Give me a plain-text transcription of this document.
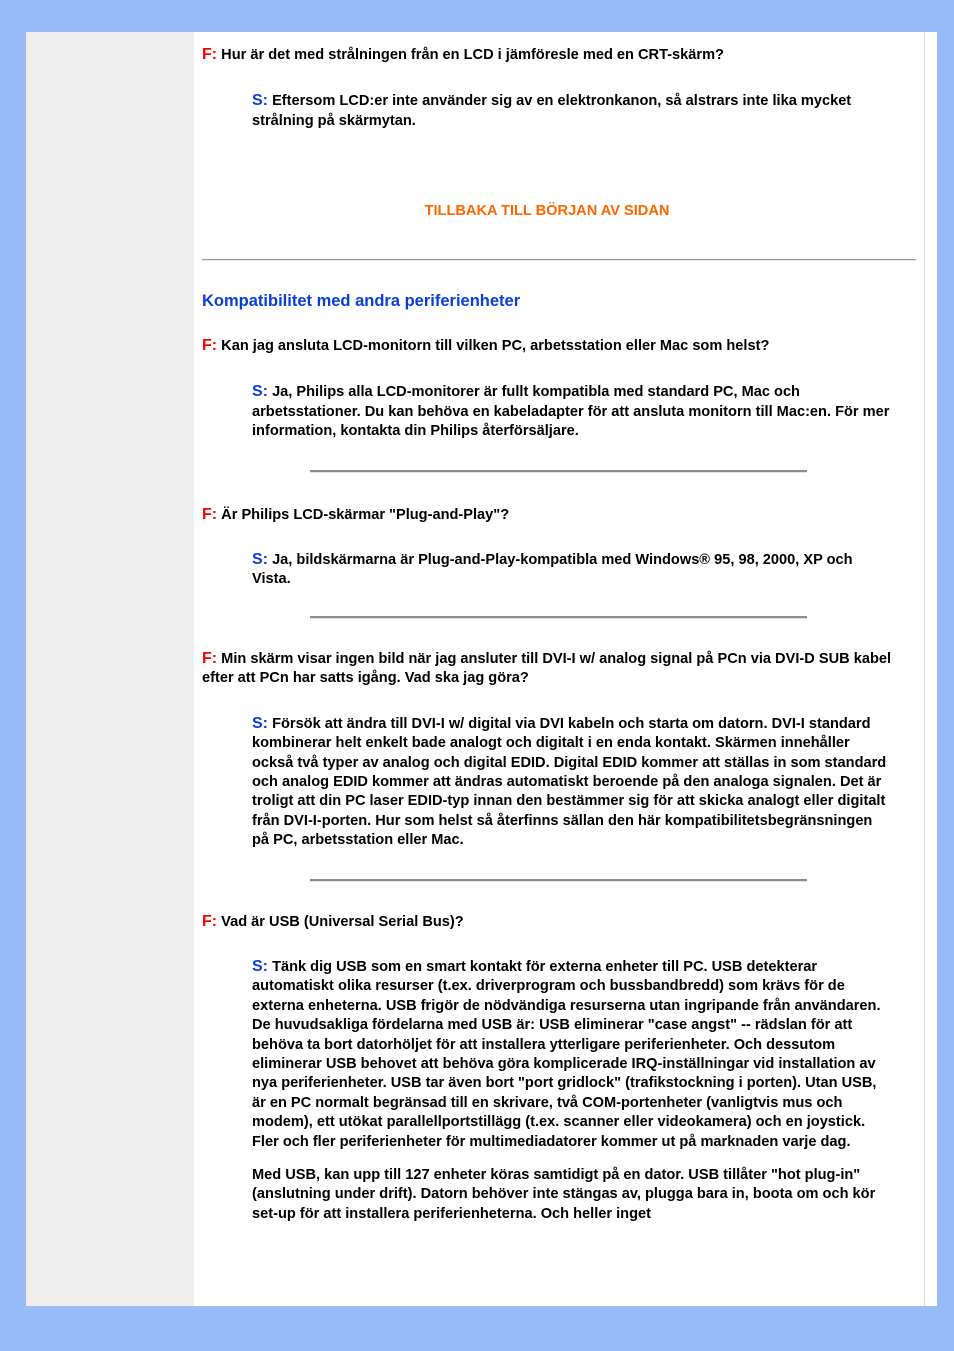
F: Hur är det med strålningen från en LCD i jämföresle med en CRT-skärm?

S: Eftersom LCD:er inte använder sig av en elektronkanon, så alstrars inte lika mycket strålning på skärmytan.

TILLBAKA TILL BÖRJAN AV SIDAN

Kompatibilitet med andra periferienheter

F: Kan jag ansluta LCD-monitorn till vilken PC, arbetsstation eller Mac som helst?

S: Ja, Philips alla LCD-monitorer är fullt kompatibla med standard PC, Mac och arbetsstationer. Du kan behöva en kabeladapter för att ansluta monitorn till Mac:en. För mer information, kontakta din Philips återförsäljare.

F: Är Philips LCD-skärmar "Plug-and-Play"?

S: Ja, bildskärmarna är Plug-and-Play-kompatibla med Windows® 95, 98, 2000, XP och Vista.

F: Min skärm visar ingen bild när jag ansluter till DVI-I w/ analog signal på PCn via DVI-D SUB kabel efter att PCn har satts igång. Vad ska jag göra?

S: Försök att ändra till DVI-I w/ digital via DVI kabeln och starta om datorn. DVI-I standard kombinerar helt enkelt bade analogt och digitalt i en enda kontakt. Skärmen innehåller också två typer av analog och digital EDID. Digital EDID kommer att ställas in som standard och analog EDID kommer att ändras automatiskt beroende på den analoga signalen. Det är troligt att din PC laser EDID-typ innan den bestämmer sig för att skicka analogt eller digitalt från DVI-I-porten. Hur som helst så återfinns sällan den här kompatibilitetsbegränsningen på PC, arbetsstation eller Mac.

F: Vad är USB (Universal Serial Bus)?

S: Tänk dig USB som en smart kontakt för externa enheter till PC. USB detekterar automatiskt olika resurser (t.ex. driverprogram och bussbandbredd) som krävs för de externa enheterna. USB frigör de nödvändiga resurserna utan ingripande från användaren. De huvudsakliga fördelarna med USB är: USB eliminerar "case angst" -- rädslan för att behöva ta bort datorhöljet för att installera ytterligare periferienheter. Och dessutom eliminerar USB behovet att behöva göra komplicerade IRQ-inställningar vid installation av nya periferienheter. USB tar även bort "port gridlock" (trafikstockning i porten). Utan USB, är en PC normalt begränsad till en skrivare, två COM-portenheter (vanligtvis mus och modem), ett utökat parallellportstillägg (t.ex. scanner eller videokamera) och en joystick. Fler och fler periferienheter för multimediadatorer kommer ut på marknaden varje dag.

Med USB, kan upp till 127 enheter köras samtidigt på en dator. USB tillåter "hot plug-in" (anslutning under drift). Datorn behöver inte stängas av, plugga bara in, boota om och kör set-up för att installera periferienheterna. Och heller inget
